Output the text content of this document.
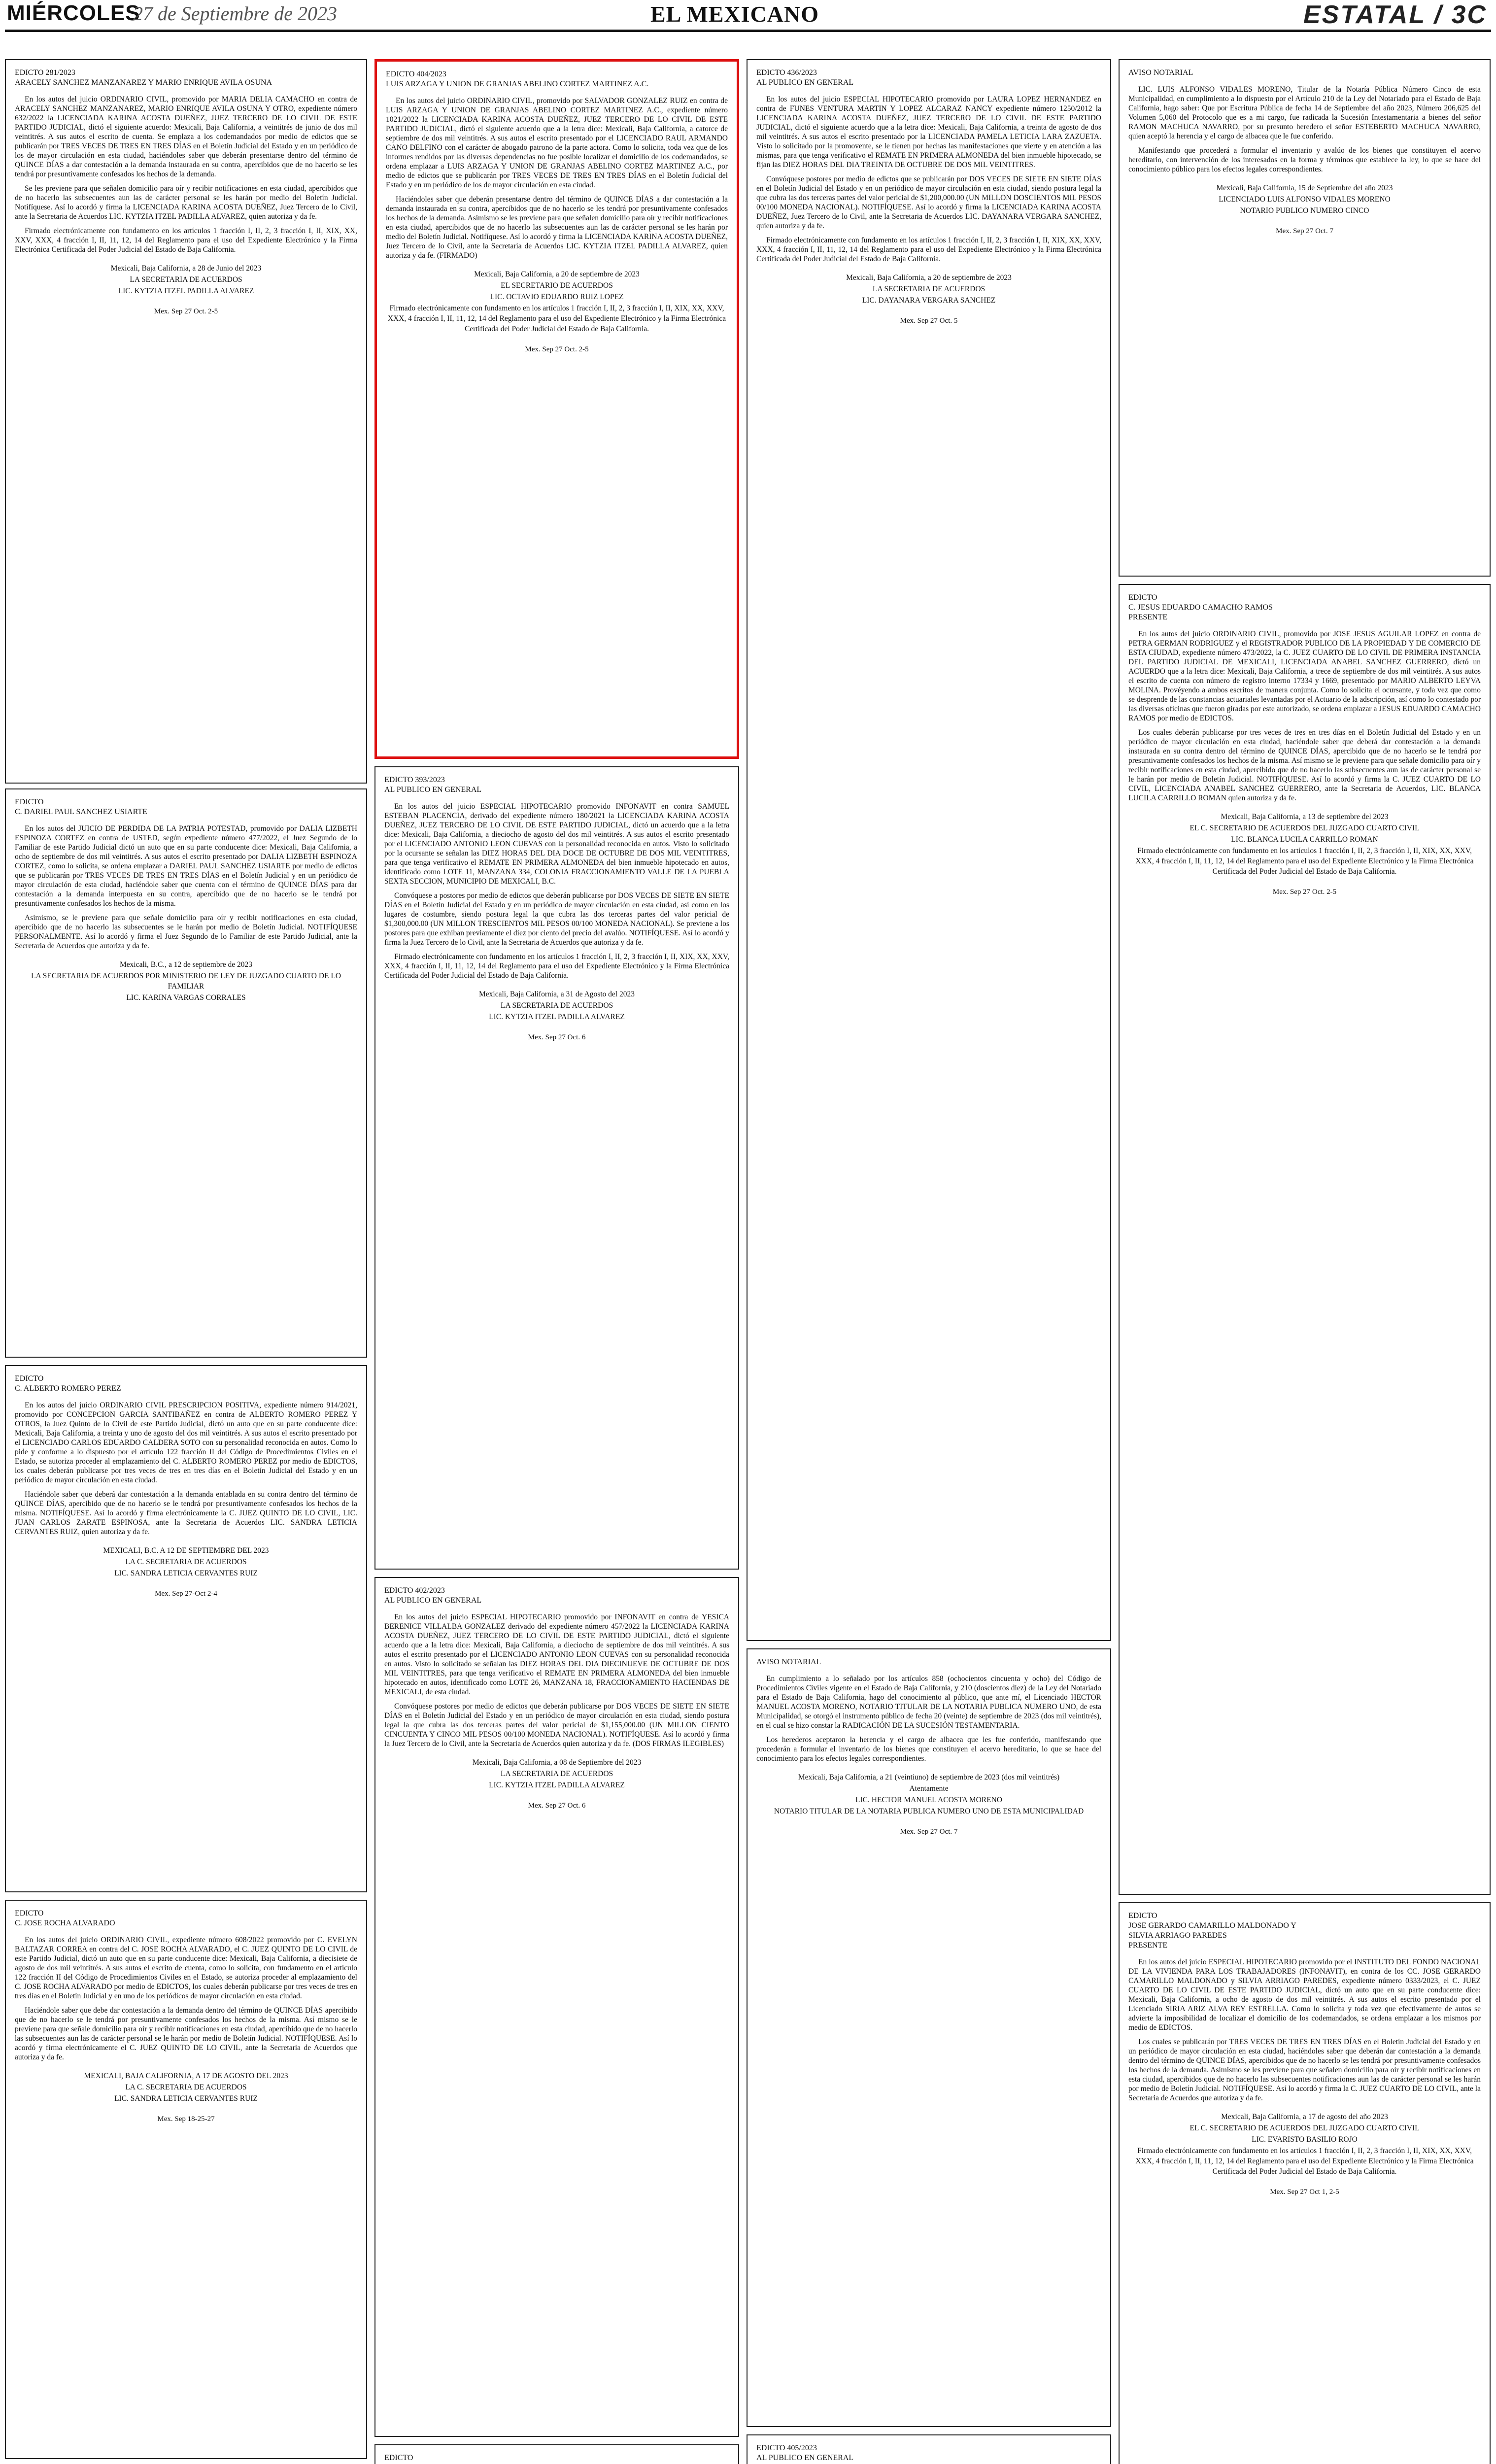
MIÉRCOLES
27 de Septiembre de 2023	EL MEXICANO	ESTATAL / 3C
EDICTO 281/2023
ARACELY SANCHEZ MANZANAREZ Y MARIO ENRIQUE AVILA OSUNA

En los autos del juicio ORDINARIO CIVIL, promovido por MARIA DELIA CAMACHO en contra de ARACELY SANCHEZ MANZANAREZ, MARIO ENRIQUE AVILA OSUNA Y OTRO, expediente número 632/2022 la LICENCIADA KARINA ACOSTA DUEÑEZ, JUEZ TERCERO DE LO CIVIL DE ESTE PARTIDO JUDICIAL, dictó el siguiente acuerdo: Mexicali, Baja California, a veintitrés de junio de dos mil veintitrés. A sus autos el escrito de cuenta. Se emplaza a los codemandados por medio de edictos que se publicarán por TRES VECES DE TRES EN TRES DÍAS en el Boletín Judicial del Estado y en un periódico de los de mayor circulación en esta ciudad, haciéndoles saber que deberán presentarse dentro del término de QUINCE DÍAS a dar contestación a la demanda instaurada en su contra, apercibidos que de no hacerlo se les tendrá por presuntivamente confesados los hechos de la demanda.

Se les previene para que señalen domicilio para oír y recibir notificaciones en esta ciudad, apercibidos que de no hacerlo las subsecuentes aun las de carácter personal se les harán por medio del Boletín Judicial. Notifíquese. Así lo acordó y firma la LICENCIADA KARINA ACOSTA DUEÑEZ, Juez Tercero de lo Civil, ante la Secretaria de Acuerdos LIC. KYTZIA ITZEL PADILLA ALVAREZ, quien autoriza y da fe.

Firmado electrónicamente con fundamento en los artículos 1 fracción I, II, 2, 3 fracción I, II, XIX, XX, XXV, XXX, 4 fracción I, II, 11, 12, 14 del Reglamento para el uso del Expediente Electrónico y la Firma Electrónica Certificada del Poder Judicial del Estado de Baja California.

Mexicali, Baja California, a 28 de Junio del 2023
LA SECRETARIA DE ACUERDOS
LIC. KYTZIA ITZEL PADILLA ALVAREZ
Mex. Sep 27 Oct. 2-5
EDICTO
C. DARIEL PAUL SANCHEZ USIARTE

En los autos del JUICIO DE PERDIDA DE LA PATRIA POTESTAD, promovido por DALIA LIZBETH ESPINOZA CORTEZ en contra de USTED, según expediente número 477/2022, el Juez Segundo de lo Familiar de este Partido Judicial dictó un auto que en su parte conducente dice: Mexicali, Baja California, a ocho de septiembre de dos mil veintitrés. A sus autos el escrito presentado por DALIA LIZBETH ESPINOZA CORTEZ, como lo solicita, se ordena emplazar a DARIEL PAUL SANCHEZ USIARTE por medio de edictos que se publicarán por TRES VECES DE TRES EN TRES DÍAS en el Boletín Judicial y en un periódico de mayor circulación de esta ciudad, haciéndole saber que cuenta con el término de QUINCE DÍAS para dar contestación a la demanda interpuesta en su contra, apercibido que de no hacerlo se le tendrá por presuntivamente confesados los hechos de la misma.

Asimismo, se le previene para que señale domicilio para oír y recibir notificaciones en esta ciudad, apercibido que de no hacerlo las subsecuentes se le harán por medio de Boletín Judicial. NOTIFÍQUESE PERSONALMENTE. Así lo acordó y firma el Juez Segundo de lo Familiar de este Partido Judicial, ante la Secretaria de Acuerdos que autoriza y da fe.

Mexicali, B.C., a 12 de septiembre de 2023
LA SECRETARIA DE ACUERDOS POR MINISTERIO DE LEY DE JUZGADO CUARTO DE LO FAMILIAR
LIC. KARINA VARGAS CORRALES
EDICTO
C. ALBERTO ROMERO PEREZ

En los autos del juicio ORDINARIO CIVIL PRESCRIPCION POSITIVA, expediente número 914/2021, promovido por CONCEPCION GARCIA SANTIBAÑEZ en contra de ALBERTO ROMERO PEREZ Y OTROS, la Juez Quinto de lo Civil de este Partido Judicial, dictó un auto que en su parte conducente dice: Mexicali, Baja California, a treinta y uno de agosto del dos mil veintitrés. A sus autos el escrito presentado por el LICENCIADO CARLOS EDUARDO CALDERA SOTO con su personalidad reconocida en autos. Como lo pide y conforme a lo dispuesto por el artículo 122 fracción II del Código de Procedimientos Civiles en el Estado, se autoriza proceder al emplazamiento del C. ALBERTO ROMERO PEREZ por medio de EDICTOS, los cuales deberán publicarse por tres veces de tres en tres días en el Boletín Judicial del Estado y en un periódico de mayor circulación en esta ciudad.

Haciéndole saber que deberá dar contestación a la demanda entablada en su contra dentro del término de QUINCE DÍAS, apercibido que de no hacerlo se le tendrá por presuntivamente confesados los hechos de la misma. NOTIFÍQUESE. Así lo acordó y firma electrónicamente la C. JUEZ QUINTO DE LO CIVIL, LIC. JUAN CARLOS ZARATE ESPINOSA, ante la Secretaria de Acuerdos LIC. SANDRA LETICIA CERVANTES RUIZ, quien autoriza y da fe.

MEXICALI, B.C. A 12 DE SEPTIEMBRE DEL 2023
LA C. SECRETARIA DE ACUERDOS
LIC. SANDRA LETICIA CERVANTES RUIZ
Mex. Sep 27-Oct 2-4
EDICTO
C. JOSE ROCHA ALVARADO

En los autos del juicio ORDINARIO CIVIL, expediente número 608/2022 promovido por C. EVELYN BALTAZAR CORREA en contra del C. JOSE ROCHA ALVARADO, el C. JUEZ QUINTO DE LO CIVIL de este Partido Judicial, dictó un auto que en su parte conducente dice: Mexicali, Baja California, a diecisiete de agosto de dos mil veintitrés. A sus autos el escrito de cuenta, como lo solicita, con fundamento en el artículo 122 fracción II del Código de Procedimientos Civiles en el Estado, se autoriza proceder al emplazamiento del C. JOSE ROCHA ALVARADO por medio de EDICTOS, los cuales deberán publicarse por tres veces de tres en tres días en el Boletín Judicial y en uno de los periódicos de mayor circulación en esta ciudad.

Haciéndole saber que debe dar contestación a la demanda dentro del término de QUINCE DÍAS apercibido que de no hacerlo se le tendrá por presuntivamente confesados los hechos de la misma. Así mismo se le previene para que señale domicilio para oír y recibir notificaciones en esta ciudad, apercibido que de no hacerlo las subsecuentes aun las de carácter personal se le harán por medio de Boletín Judicial. NOTIFÍQUESE. Así lo acordó y firma electrónicamente el C. JUEZ QUINTO DE LO CIVIL, ante la Secretaria de Acuerdos que autoriza y da fe.

MEXICALI, BAJA CALIFORNIA, A 17 DE AGOSTO DEL 2023
LA C. SECRETARIA DE ACUERDOS
LIC. SANDRA LETICIA CERVANTES RUIZ
Mex. Sep 18-25-27

EDICTO 404/2023
LUIS ARZAGA Y UNION DE GRANJAS ABELINO CORTEZ MARTINEZ A.C.

En los autos del juicio ORDINARIO CIVIL, promovido por SALVADOR GONZALEZ RUIZ en contra de LUIS ARZAGA Y UNION DE GRANJAS ABELINO CORTEZ MARTINEZ A.C., expediente número 1021/2022 la LICENCIADA KARINA ACOSTA DUEÑEZ, JUEZ TERCERO DE LO CIVIL DE ESTE PARTIDO JUDICIAL, dictó el siguiente acuerdo que a la letra dice: Mexicali, Baja California, a catorce de septiembre de dos mil veintitrés. A sus autos el escrito presentado por el LICENCIADO RAUL ARMANDO CANO DELFINO con el carácter de abogado patrono de la parte actora. Como lo solicita, toda vez que de los informes rendidos por las diversas dependencias no fue posible localizar el domicilio de los codemandados, se ordena emplazar a LUIS ARZAGA Y UNION DE GRANJAS ABELINO CORTEZ MARTINEZ A.C., por medio de edictos que se publicarán por TRES VECES DE TRES EN TRES DÍAS en el Boletín Judicial del Estado y en un periódico de los de mayor circulación en esta ciudad.

Haciéndoles saber que deberán presentarse dentro del término de QUINCE DÍAS a dar contestación a la demanda instaurada en su contra, apercibidos que de no hacerlo se les tendrá por presuntivamente confesados los hechos de la demanda. Asimismo se les previene para que señalen domicilio para oír y recibir notificaciones en esta ciudad, apercibidos que de no hacerlo las subsecuentes aun las de carácter personal se les harán por medio del Boletín Judicial. Notifíquese. Así lo acordó y firma la LICENCIADA KARINA ACOSTA DUEÑEZ, Juez Tercero de lo Civil, ante la Secretaria de Acuerdos LIC. KYTZIA ITZEL PADILLA ALVAREZ, quien autoriza y da fe. (FIRMADO)

Mexicali, Baja California, a 20 de septiembre de 2023
EL SECRETARIO DE ACUERDOS
LIC. OCTAVIO EDUARDO RUIZ LOPEZ
Firmado electrónicamente con fundamento en los artículos 1 fracción I, II, 2, 3 fracción I, II, XIX, XX, XXV, XXX, 4 fracción I, II, 11, 12, 14 del Reglamento para el uso del Expediente Electrónico y la Firma Electrónica Certificada del Poder Judicial del Estado de Baja California.
Mex. Sep 27 Oct. 2-5
EDICTO 393/2023
AL PUBLICO EN GENERAL

En los autos del juicio ESPECIAL HIPOTECARIO promovido INFONAVIT en contra SAMUEL ESTEBAN PLACENCIA, derivado del expediente número 180/2021 la LICENCIADA KARINA ACOSTA DUEÑEZ, JUEZ TERCERO DE LO CIVIL DE ESTE PARTIDO JUDICIAL, dictó un acuerdo que a la letra dice: Mexicali, Baja California, a dieciocho de agosto del dos mil veintitrés. A sus autos el escrito presentado por el LICENCIADO ANTONIO LEON CUEVAS con la personalidad reconocida en autos. Visto lo solicitado por la ocursante se señalan las DIEZ HORAS DEL DIA DOCE DE OCTUBRE DE DOS MIL VEINTITRES, para que tenga verificativo el REMATE EN PRIMERA ALMONEDA del bien inmueble hipotecado en autos, identificado como LOTE 11, MANZANA 334, COLONIA FRACCIONAMIENTO VALLE DE LA PUEBLA SEXTA SECCION, MUNICIPIO DE MEXICALI, B.C.

Convóquese a postores por medio de edictos que deberán publicarse por DOS VECES DE SIETE EN SIETE DÍAS en el Boletín Judicial del Estado y en un periódico de mayor circulación en esta ciudad, así como en los lugares de costumbre, siendo postura legal la que cubra las dos terceras partes del valor pericial de $1,300,000.00 (UN MILLON TRESCIENTOS MIL PESOS 00/100 MONEDA NACIONAL). Se previene a los postores para que exhiban previamente el diez por ciento del precio del avalúo. NOTIFÍQUESE. Así lo acordó y firma la Juez Tercero de lo Civil, ante la Secretaria de Acuerdos que autoriza y da fe.

Firmado electrónicamente con fundamento en los artículos 1 fracción I, II, 2, 3 fracción I, II, XIX, XX, XXV, XXX, 4 fracción I, II, 11, 12, 14 del Reglamento para el uso del Expediente Electrónico y la Firma Electrónica Certificada del Poder Judicial del Estado de Baja California.

Mexicali, Baja California, a 31 de Agosto del 2023
LA SECRETARIA DE ACUERDOS
LIC. KYTZIA ITZEL PADILLA ALVAREZ
Mex. Sep 27 Oct. 6
EDICTO 402/2023
AL PUBLICO EN GENERAL

En los autos del juicio ESPECIAL HIPOTECARIO promovido por INFONAVIT en contra de YESICA BERENICE VILLALBA GONZALEZ derivado del expediente número 457/2022 la LICENCIADA KARINA ACOSTA DUEÑEZ, JUEZ TERCERO DE LO CIVIL DE ESTE PARTIDO JUDICIAL, dictó el siguiente acuerdo que a la letra dice: Mexicali, Baja California, a dieciocho de septiembre de dos mil veintitrés. A sus autos el escrito presentado por el LICENCIADO ANTONIO LEON CUEVAS con su personalidad reconocida en autos. Visto lo solicitado se señalan las DIEZ HORAS DEL DIA DIECINUEVE DE OCTUBRE DE DOS MIL VEINTITRES, para que tenga verificativo el REMATE EN PRIMERA ALMONEDA del bien inmueble hipotecado en autos, identificado como LOTE 26, MANZANA 18, FRACCIONAMIENTO HACIENDAS DE MEXICALI, de esta ciudad.

Convóquese postores por medio de edictos que deberán publicarse por DOS VECES DE SIETE EN SIETE DÍAS en el Boletín Judicial del Estado y en un periódico de mayor circulación en esta ciudad, siendo postura legal la que cubra las dos terceras partes del valor pericial de $1,155,000.00 (UN MILLON CIENTO CINCUENTA Y CINCO MIL PESOS 00/100 MONEDA NACIONAL). NOTIFÍQUESE. Así lo acordó y firma la Juez Tercero de lo Civil, ante la Secretaria de Acuerdos quien autoriza y da fe. (DOS FIRMAS ILEGIBLES)

Mexicali, Baja California, a 08 de Septiembre del 2023
LA SECRETARIA DE ACUERDOS
LIC. KYTZIA ITZEL PADILLA ALVAREZ
Mex. Sep 27 Oct. 6
EDICTO

EDICTO 436/2023
AL PUBLICO EN GENERAL

En los autos del juicio ESPECIAL HIPOTECARIO promovido por LAURA LOPEZ HERNANDEZ en contra de FUNES VENTURA MARTIN Y LOPEZ ALCARAZ NANCY expediente número 1250/2012 la LICENCIADA KARINA ACOSTA DUEÑEZ, JUEZ TERCERO DE LO CIVIL DE ESTE PARTIDO JUDICIAL, dictó el siguiente acuerdo que a la letra dice: Mexicali, Baja California, a treinta de agosto de dos mil veintitrés. A sus autos el escrito presentado por la LICENCIADA PAMELA LETICIA LARA ZAZUETA. Visto lo solicitado por la promovente, se le tienen por hechas las manifestaciones que vierte y en atención a las mismas, para que tenga verificativo el REMATE EN PRIMERA ALMONEDA del bien inmueble hipotecado, se fijan las DIEZ HORAS DEL DIA TREINTA DE OCTUBRE DE DOS MIL VEINTITRES.

Convóquese postores por medio de edictos que se publicarán por DOS VECES DE SIETE EN SIETE DÍAS en el Boletín Judicial del Estado y en un periódico de mayor circulación en esta ciudad, siendo postura legal la que cubra las dos terceras partes del valor pericial de $1,200,000.00 (UN MILLON DOSCIENTOS MIL PESOS 00/100 MONEDA NACIONAL). NOTIFÍQUESE. Así lo acordó y firma la LICENCIADA KARINA ACOSTA DUEÑEZ, Juez Tercero de lo Civil, ante la Secretaria de Acuerdos LIC. DAYANARA VERGARA SANCHEZ, quien autoriza y da fe.

Firmado electrónicamente con fundamento en los artículos 1 fracción I, II, 2, 3 fracción I, II, XIX, XX, XXV, XXX, 4 fracción I, II, 11, 12, 14 del Reglamento para el uso del Expediente Electrónico y la Firma Electrónica Certificada del Poder Judicial del Estado de Baja California.

Mexicali, Baja California, a 20 de septiembre de 2023
LA SECRETARIA DE ACUERDOS
LIC. DAYANARA VERGARA SANCHEZ
Mex. Sep 27 Oct. 5
AVISO NOTARIAL

En cumplimiento a lo señalado por los artículos 858 (ochocientos cincuenta y ocho) del Código de Procedimientos Civiles vigente en el Estado de Baja California, y 210 (doscientos diez) de la Ley del Notariado para el Estado de Baja California, hago del conocimiento al público, que ante mí, el Licenciado HECTOR MANUEL ACOSTA MORENO, NOTARIO TITULAR DE LA NOTARIA PUBLICA NUMERO UNO, de esta Municipalidad, se otorgó el instrumento público de fecha 20 (veinte) de septiembre de 2023 (dos mil veintitrés), en el cual se hizo constar la RADICACIÓN DE LA SUCESIÓN TESTAMENTARIA.

Los herederos aceptaron la herencia y el cargo de albacea que les fue conferido, manifestando que procederán a formular el inventario de los bienes que constituyen el acervo hereditario, lo que se hace del conocimiento para los efectos legales correspondientes.

Mexicali, Baja California, a 21 (veintiuno) de septiembre de 2023 (dos mil veintitrés)
Atentamente
LIC. HECTOR MANUEL ACOSTA MORENO
NOTARIO TITULAR DE LA NOTARIA PUBLICA NUMERO UNO DE ESTA MUNICIPALIDAD
Mex. Sep 27 Oct. 7
EDICTO 405/2023
AL PUBLICO EN GENERAL

AVISO NOTARIAL

LIC. LUIS ALFONSO VIDALES MORENO, Titular de la Notaría Pública Número Cinco de esta Municipalidad, en cumplimiento a lo dispuesto por el Artículo 210 de la Ley del Notariado para el Estado de Baja California, hago saber: Que por Escritura Pública de fecha 14 de Septiembre del año 2023, Número 206,625 del Volumen 5,060 del Protocolo que es a mi cargo, fue radicada la Sucesión Intestamentaria a bienes del señor RAMON MACHUCA NAVARRO, por su presunto heredero el señor ESTEBERTO MACHUCA NAVARRO, quien aceptó la herencia y el cargo de albacea que le fue conferido.

Manifestando que procederá a formular el inventario y avalúo de los bienes que constituyen el acervo hereditario, con intervención de los interesados en la forma y términos que establece la ley, lo que se hace del conocimiento público para los efectos legales correspondientes.

Mexicali, Baja California, 15 de Septiembre del año 2023
LICENCIADO LUIS ALFONSO VIDALES MORENO
NOTARIO PUBLICO NUMERO CINCO
Mex. Sep 27 Oct. 7
EDICTO
C. JESUS EDUARDO CAMACHO RAMOS
PRESENTE

En los autos del juicio ORDINARIO CIVIL, promovido por JOSE JESUS AGUILAR LOPEZ en contra de PETRA GERMAN RODRIGUEZ y el REGISTRADOR PUBLICO DE LA PROPIEDAD Y DE COMERCIO DE ESTA CIUDAD, expediente número 473/2022, la C. JUEZ CUARTO DE LO CIVIL DE PRIMERA INSTANCIA DEL PARTIDO JUDICIAL DE MEXICALI, LICENCIADA ANABEL SANCHEZ GUERRERO, dictó un ACUERDO que a la letra dice: Mexicali, Baja California, a trece de septiembre de dos mil veintitrés. A sus autos el escrito de cuenta con número de registro interno 17334 y 1669, presentado por MARIO ALBERTO LEYVA MOLINA. Provéyendo a ambos escritos de manera conjunta. Como lo solicita el ocursante, y toda vez que como se desprende de las constancias actuariales levantadas por el Actuario de la adscripción, así como lo contestado por las diversas oficinas que fueron giradas por este autorizado, se ordena emplazar a JESUS EDUARDO CAMACHO RAMOS por medio de EDICTOS.

Los cuales deberán publicarse por tres veces de tres en tres días en el Boletín Judicial del Estado y en un periódico de mayor circulación en esta ciudad, haciéndole saber que deberá dar contestación a la demanda instaurada en su contra dentro del término de QUINCE DÍAS, apercibido que de no hacerlo se le tendrá por presuntivamente confesados los hechos de la misma. Así mismo se le previene para que señale domicilio para oír y recibir notificaciones en esta ciudad, apercibido que de no hacerlo las subsecuentes aun las de carácter personal se le harán por medio de Boletín Judicial. NOTIFÍQUESE. Así lo acordó y firma la C. JUEZ CUARTO DE LO CIVIL, LICENCIADA ANABEL SANCHEZ GUERRERO, ante la Secretaria de Acuerdos, LIC. BLANCA LUCILA CARRILLO ROMAN quien autoriza y da fe.

Mexicali, Baja California, a 13 de septiembre del 2023
EL C. SECRETARIO DE ACUERDOS DEL JUZGADO CUARTO CIVIL
LIC. BLANCA LUCILA CARRILLO ROMAN
Firmado electrónicamente con fundamento en los artículos 1 fracción I, II, 2, 3 fracción I, II, XIX, XX, XXV, XXX, 4 fracción I, II, 11, 12, 14 del Reglamento para el uso del Expediente Electrónico y la Firma Electrónica Certificada del Poder Judicial del Estado de Baja California.
Mex. Sep 27 Oct. 2-5
EDICTO
JOSE GERARDO CAMARILLO MALDONADO Y
SILVIA ARRIAGO PAREDES
PRESENTE

En los autos del juicio ESPECIAL HIPOTECARIO promovido por el INSTITUTO DEL FONDO NACIONAL DE LA VIVIENDA PARA LOS TRABAJADORES (INFONAVIT), en contra de los CC. JOSE GERARDO CAMARILLO MALDONADO y SILVIA ARRIAGO PAREDES, expediente número 0333/2023, el C. JUEZ CUARTO DE LO CIVIL DE ESTE PARTIDO JUDICIAL, dictó un auto que en su parte conducente dice: Mexicali, Baja California, a ocho de agosto de dos mil veintitrés. A sus autos el escrito presentado por el Licenciado SIRIA ARIZ ALVA REY ESTRELLA. Como lo solicita y toda vez que efectivamente de autos se advierte la imposibilidad de localizar el domicilio de los codemandados, se ordena emplazar a los mismos por medio de EDICTOS.

Los cuales se publicarán por TRES VECES DE TRES EN TRES DÍAS en el Boletín Judicial del Estado y en un periódico de mayor circulación en esta ciudad, haciéndoles saber que deberán dar contestación a la demanda dentro del término de QUINCE DÍAS, apercibidos que de no hacerlo se les tendrá por presuntivamente confesados los hechos de la demanda. Asimismo se les previene para que señalen domicilio para oír y recibir notificaciones en esta ciudad, apercibidos que de no hacerlo las subsecuentes notificaciones aun las de carácter personal se les harán por medio de Boletín Judicial. NOTIFÍQUESE. Así lo acordó y firma la C. JUEZ CUARTO DE LO CIVIL, ante la Secretaria de Acuerdos que autoriza y da fe.

Mexicali, Baja California, a 17 de agosto del año 2023
EL C. SECRETARIO DE ACUERDOS DEL JUZGADO CUARTO CIVIL
LIC. EVARISTO BASILIO ROJO
Firmado electrónicamente con fundamento en los artículos 1 fracción I, II, 2, 3 fracción I, II, XIX, XX, XXV, XXX, 4 fracción I, II, 11, 12, 14 del Reglamento para el uso del Expediente Electrónico y la Firma Electrónica Certificada del Poder Judicial del Estado de Baja California.
Mex. Sep 27 Oct 1, 2-5
